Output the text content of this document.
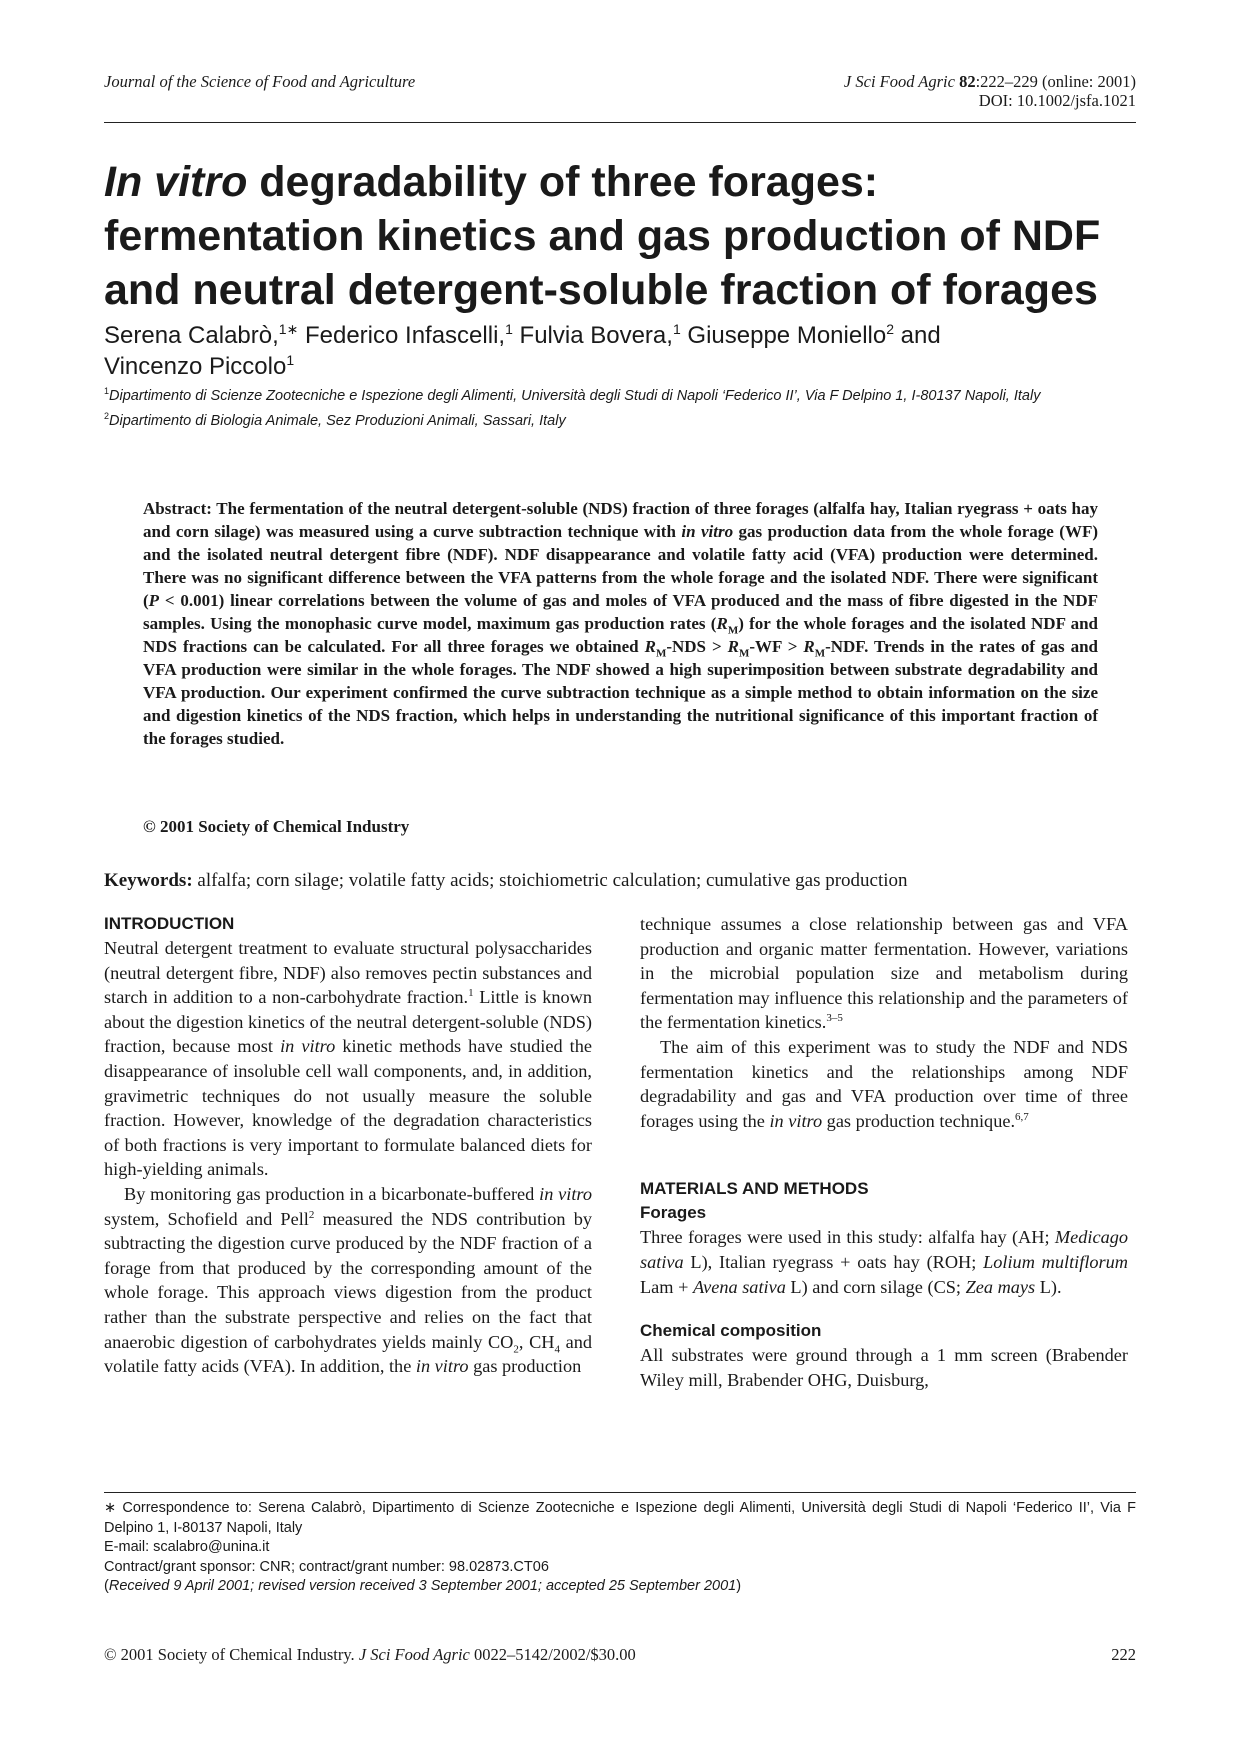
Journal of the Science of Food and Agriculture	J Sci Food Agric 82:222–229 (online: 2001)
DOI: 10.1002/jsfa.1021
In vitro degradability of three forages:
fermentation kinetics and gas production of NDF
and neutral detergent-soluble fraction of forages
Serena Calabrò,$^{1∗}$ Federico Infascelli,$^1$ Fulvia Bovera,$^1$ Giuseppe Moniello$^2$ and
Vincenzo Piccolo$^1$

$^1$Dipartimento di Scienze Zootecniche e Ispezione degli Alimenti, Università degli Studi di Napoli ‘Federico II’, Via F Delpino 1, I-80137 Napoli, Italy

$^2$Dipartimento di Biologia Animale, Sez Produzioni Animali, Sassari, Italy

Abstract: The fermentation of the neutral detergent-soluble (NDS) fraction of three forages (alfalfa hay, Italian ryegrass + oats hay and corn silage) was measured using a curve subtraction technique with in vitro gas production data from the whole forage (WF) and the isolated neutral detergent fibre (NDF). NDF disappearance and volatile fatty acid (VFA) production were determined. There was no significant difference between the VFA patterns from the whole forage and the isolated NDF. There were significant (P < 0.001) linear correlations between the volume of gas and moles of VFA produced and the mass of fibre digested in the NDF samples. Using the monophasic curve model, maximum gas production rates $(R_M)$ for the whole forages and the isolated NDF and NDS fractions can be calculated. For all three forages we obtained $R_M$-NDS > $R_M-WF > R_M-NDF$. Trends in the rates of gas and VFA production were similar in the whole forages. The NDF showed a high superimposition between substrate degradability and VFA production. Our experiment confirmed the curve subtraction technique as a simple method to obtain information on the size and digestion kinetics of the NDS fraction, which helps in understanding the nutritional significance of this important fraction of the forages studied.
© 2001 Society of Chemical Industry
Keywords: alfalfa; corn silage; volatile fatty acids; stoichiometric calculation; cumulative gas production

INTRODUCTION

Neutral detergent treatment to evaluate structural polysaccharides (neutral detergent fibre, NDF) also removes pectin substances and starch in addition to a non-carbohydrate fraction.$^1$ Little is known about the digestion kinetics of the neutral detergent-soluble (NDS) fraction, because most in vitro kinetic methods have studied the disappearance of insoluble cell wall components, and, in addition, gravimetric techniques do not usually measure the soluble fraction. However, knowledge of the degradation characteristics of both fractions is very important to formulate balanced diets for high-yielding animals.

By monitoring gas production in a bicarbonate-buffered in vitro system, Schofield and Pell$^2$ measured the NDS contribution by subtracting the digestion curve produced by the NDF fraction of a forage from that produced by the corresponding amount of the whole forage. This approach views digestion from the product rather than the substrate perspective and relies on the fact that anaerobic digestion of carbohydrates yields mainly $CO_2$, $CH_4$ and volatile fatty acids (VFA). In addition, the in vitro gas production

technique assumes a close relationship between gas and VFA production and organic matter fermentation. However, variations in the microbial population size and metabolism during fermentation may influence this relationship and the parameters of the fermentation kinetics.$^{3-5}$

The aim of this experiment was to study the NDF and NDS fermentation kinetics and the relationships among NDF degradability and gas and VFA production over time of three forages using the in vitro gas production technique.$^{6,7}$

MATERIALS AND METHODS

Forages

Three forages were used in this study: alfalfa hay (AH; Medicago sativa L), Italian ryegrass + oats hay (ROH; Lolium multiflorum Lam + Avena sativa L) and corn silage (CS; Zea mays L).

Chemical composition

All substrates were ground through a 1 mm screen (Brabender Wiley mill, Brabender OHG, Duisburg,

∗ Correspondence to: Serena Calabrò, Dipartimento di Scienze Zootecniche e Ispezione degli Alimenti, Università degli Studi di Napoli ‘Federico II’, Via F Delpino 1, I-80137 Napoli, Italy

E-mail: scalabro@unina.it

Contract/grant sponsor: CNR; contract/grant number: 98.02873.CT06

(Received 9 April 2001; revised version received 3 September 2001; accepted 25 September 2001)

© 2001 Society of Chemical Industry. J Sci Food Agric 0022–5142/2002/$30.00	222
